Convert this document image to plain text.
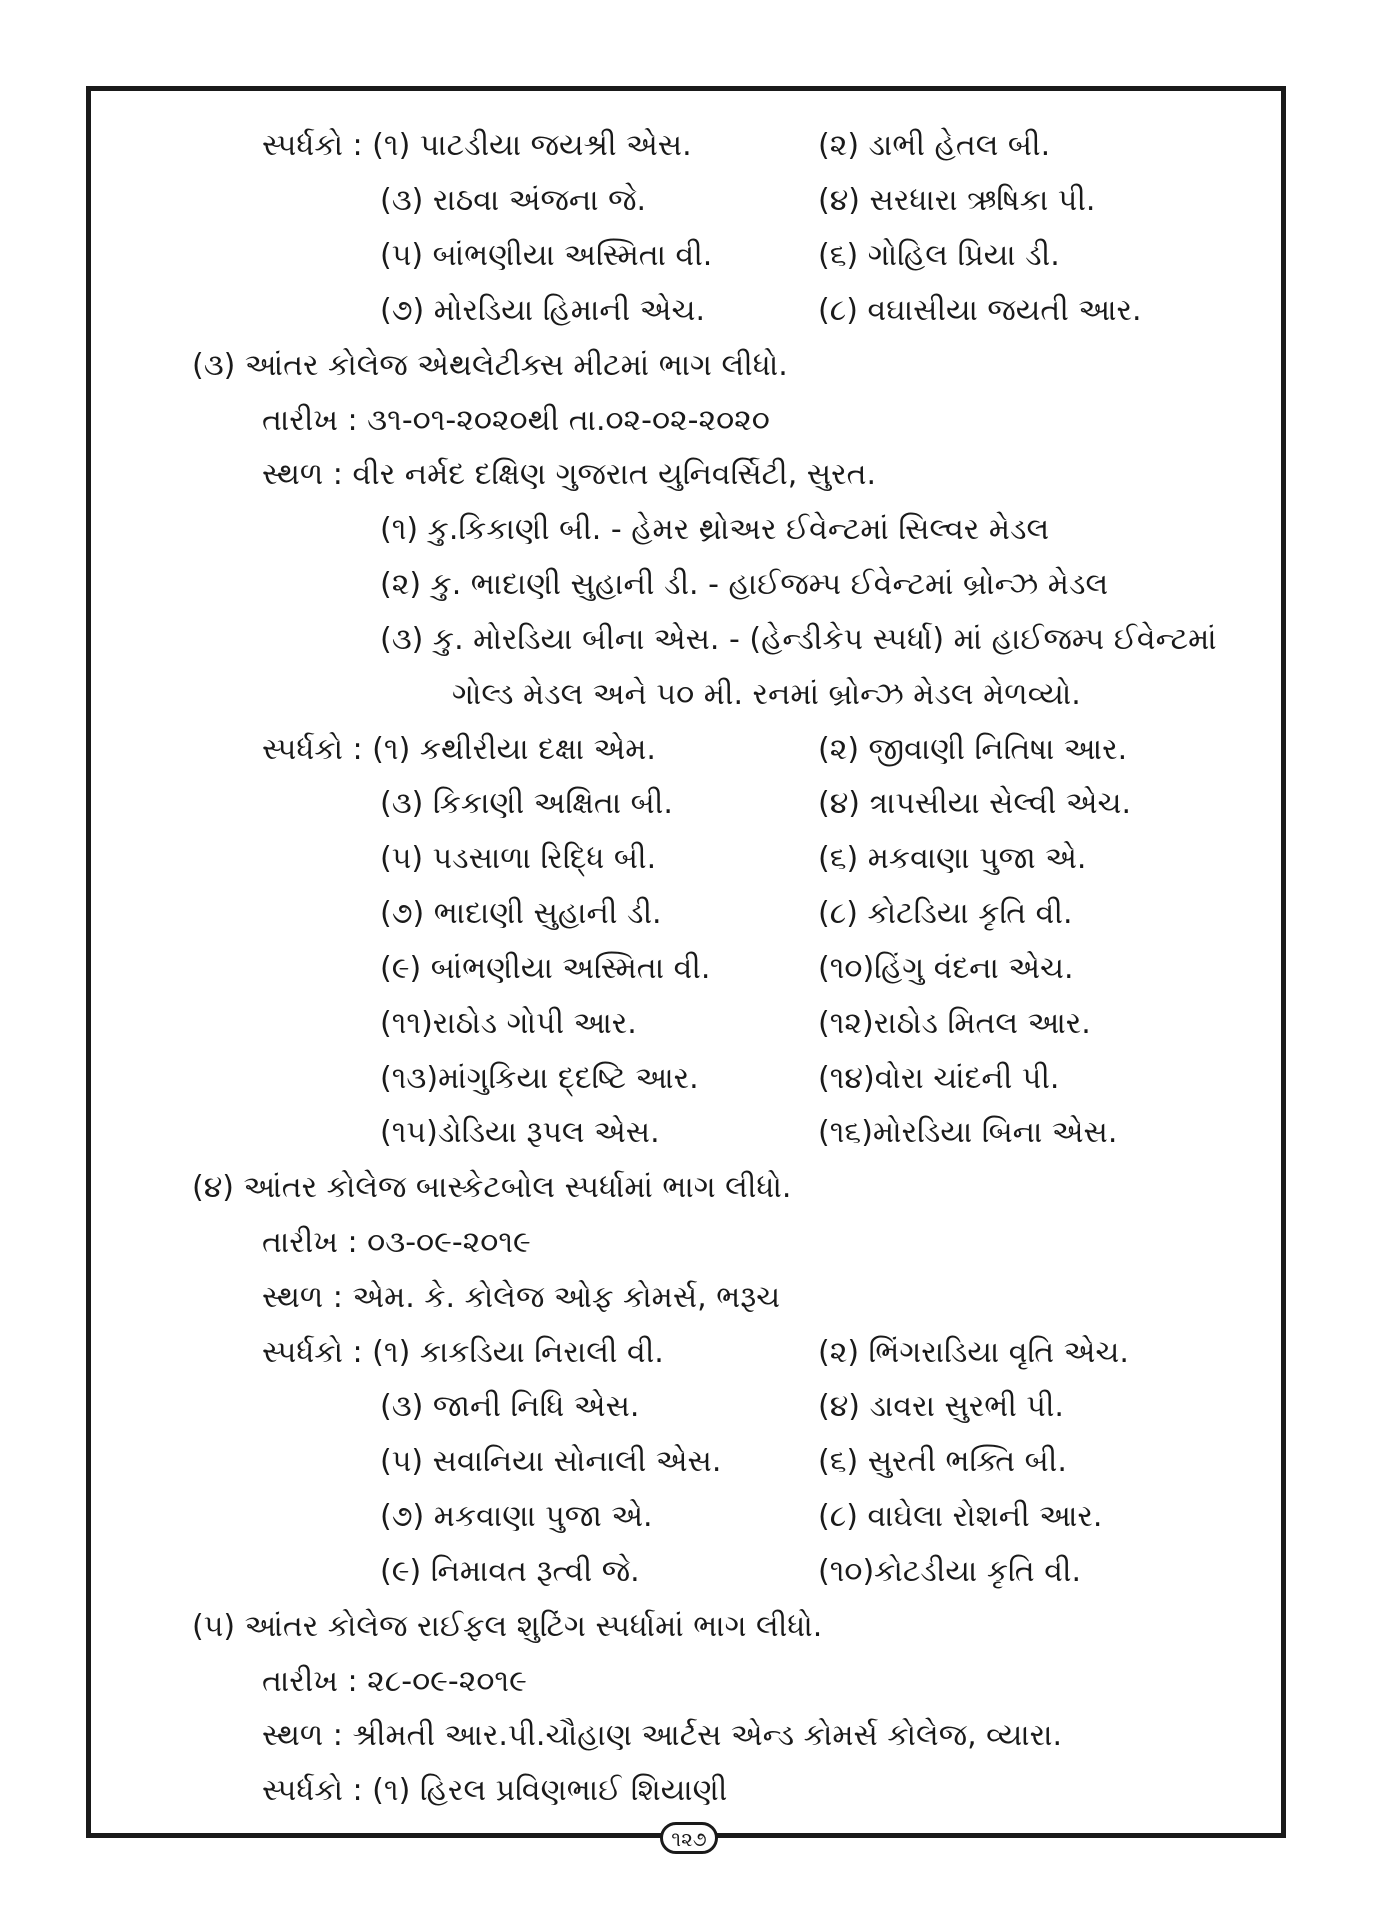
સ્પર્ધકો : (૧) પાટડીયા જયશ્રી એસ.	(૨) ડાભી હેતલ બી.
(૩) રાઠવા અંજના જે.	(૪) સરધારા ઋષિકા પી.
(૫) બાંભણીયા અસ્મિતા વી.	(૬) ગોહિલ પ્રિયા ડી.
(૭) મોરડિયા હિમાની એચ.	(૮) વઘાસીયા જયતી આર.
(૩) આંતર કોલેજ એથલેટીક્સ મીટમાં ભાગ લીધો.
તારીખ : ૩૧-૦૧-૨૦૨૦થી તા.૦૨-૦૨-૨૦૨૦
સ્થળ : વીર નર્મદ દક્ષિણ ગુજરાત યુનિવર્સિટી, સુરત.
(૧) કુ.કિકાણી બી. - હેમર થ્રોઅર ઈવેન્ટમાં સિલ્વર મેડલ
(૨) કુ. ભાદાણી સુહાની ડી. - હાઈજમ્પ ઈવેન્ટમાં બ્રોન્ઝ મેડલ
(૩) કુ. મોરડિયા બીના એસ. - (હેન્ડીકેપ સ્પર્ધા) માં હાઈજમ્પ ઈવેન્ટમાં
ગોલ્ડ મેડલ અને ૫૦ મી. રનમાં બ્રોન્ઝ મેડલ મેળવ્યો.
સ્પર્ધકો : (૧) કથીરીયા દક્ષા એમ.	(૨) જીવાણી નિતિષા આર.
(૩) કિકાણી અક્ષિતા બી.	(૪) ત્રાપસીયા સેલ્વી એચ.
(૫) પડસાળા રિદ્ધિ બી.	(૬) મકવાણા પુજા એ.
(૭) ભાદાણી સુહાની ડી.	(૮) કોટડિયા કૃતિ વી.
(૯) બાંભણીયા અસ્મિતા વી.	(૧૦)હિંગુ વંદના એચ.
(૧૧)રાઠોડ ગોપી આર.	(૧૨)રાઠોડ મિતલ આર.
(૧૩)માંગુકિયા દ્દષ્ટિ આર.	(૧૪)વોરા ચાંદની પી.
(૧૫)ડોડિયા રૂપલ એસ.	(૧૬)મોરડિયા બિના એસ.
(૪) આંતર કોલેજ બાસ્કેટબોલ સ્પર્ધામાં ભાગ લીધો.
તારીખ : ૦૩-૦૯-૨૦૧૯
સ્થળ : એમ. કે. કોલેજ ઓફ કોમર્સ, ભરૂચ
સ્પર્ધકો : (૧) કાકડિયા નિરાલી વી.	(૨) ભિંગરાડિયા વૃતિ એચ.
(૩) જાની નિધિ એસ.	(૪) ડાવરા સુરભી પી.
(૫) સવાનિયા સોનાલી એસ.	(૬) સુરતી ભક્તિ બી.
(૭) મકવાણા પુજા એ.	(૮) વાઘેલા રોશની આર.
(૯) નિમાવત રૂત્વી જે.	(૧૦)કોટડીયા કૃતિ વી.
(૫) આંતર કોલેજ રાઈફલ શુટિંગ સ્પર્ધામાં ભાગ લીધો.
તારીખ : ૨૮-૦૯-૨૦૧૯
સ્થળ : શ્રીમતી આર.પી.ચૌહાણ આર્ટસ એન્ડ કોમર્સ કોલેજ, વ્યારા.
સ્પર્ધકો : (૧) હિરલ પ્રવિણભાઈ શિયાણી
૧૨૭
